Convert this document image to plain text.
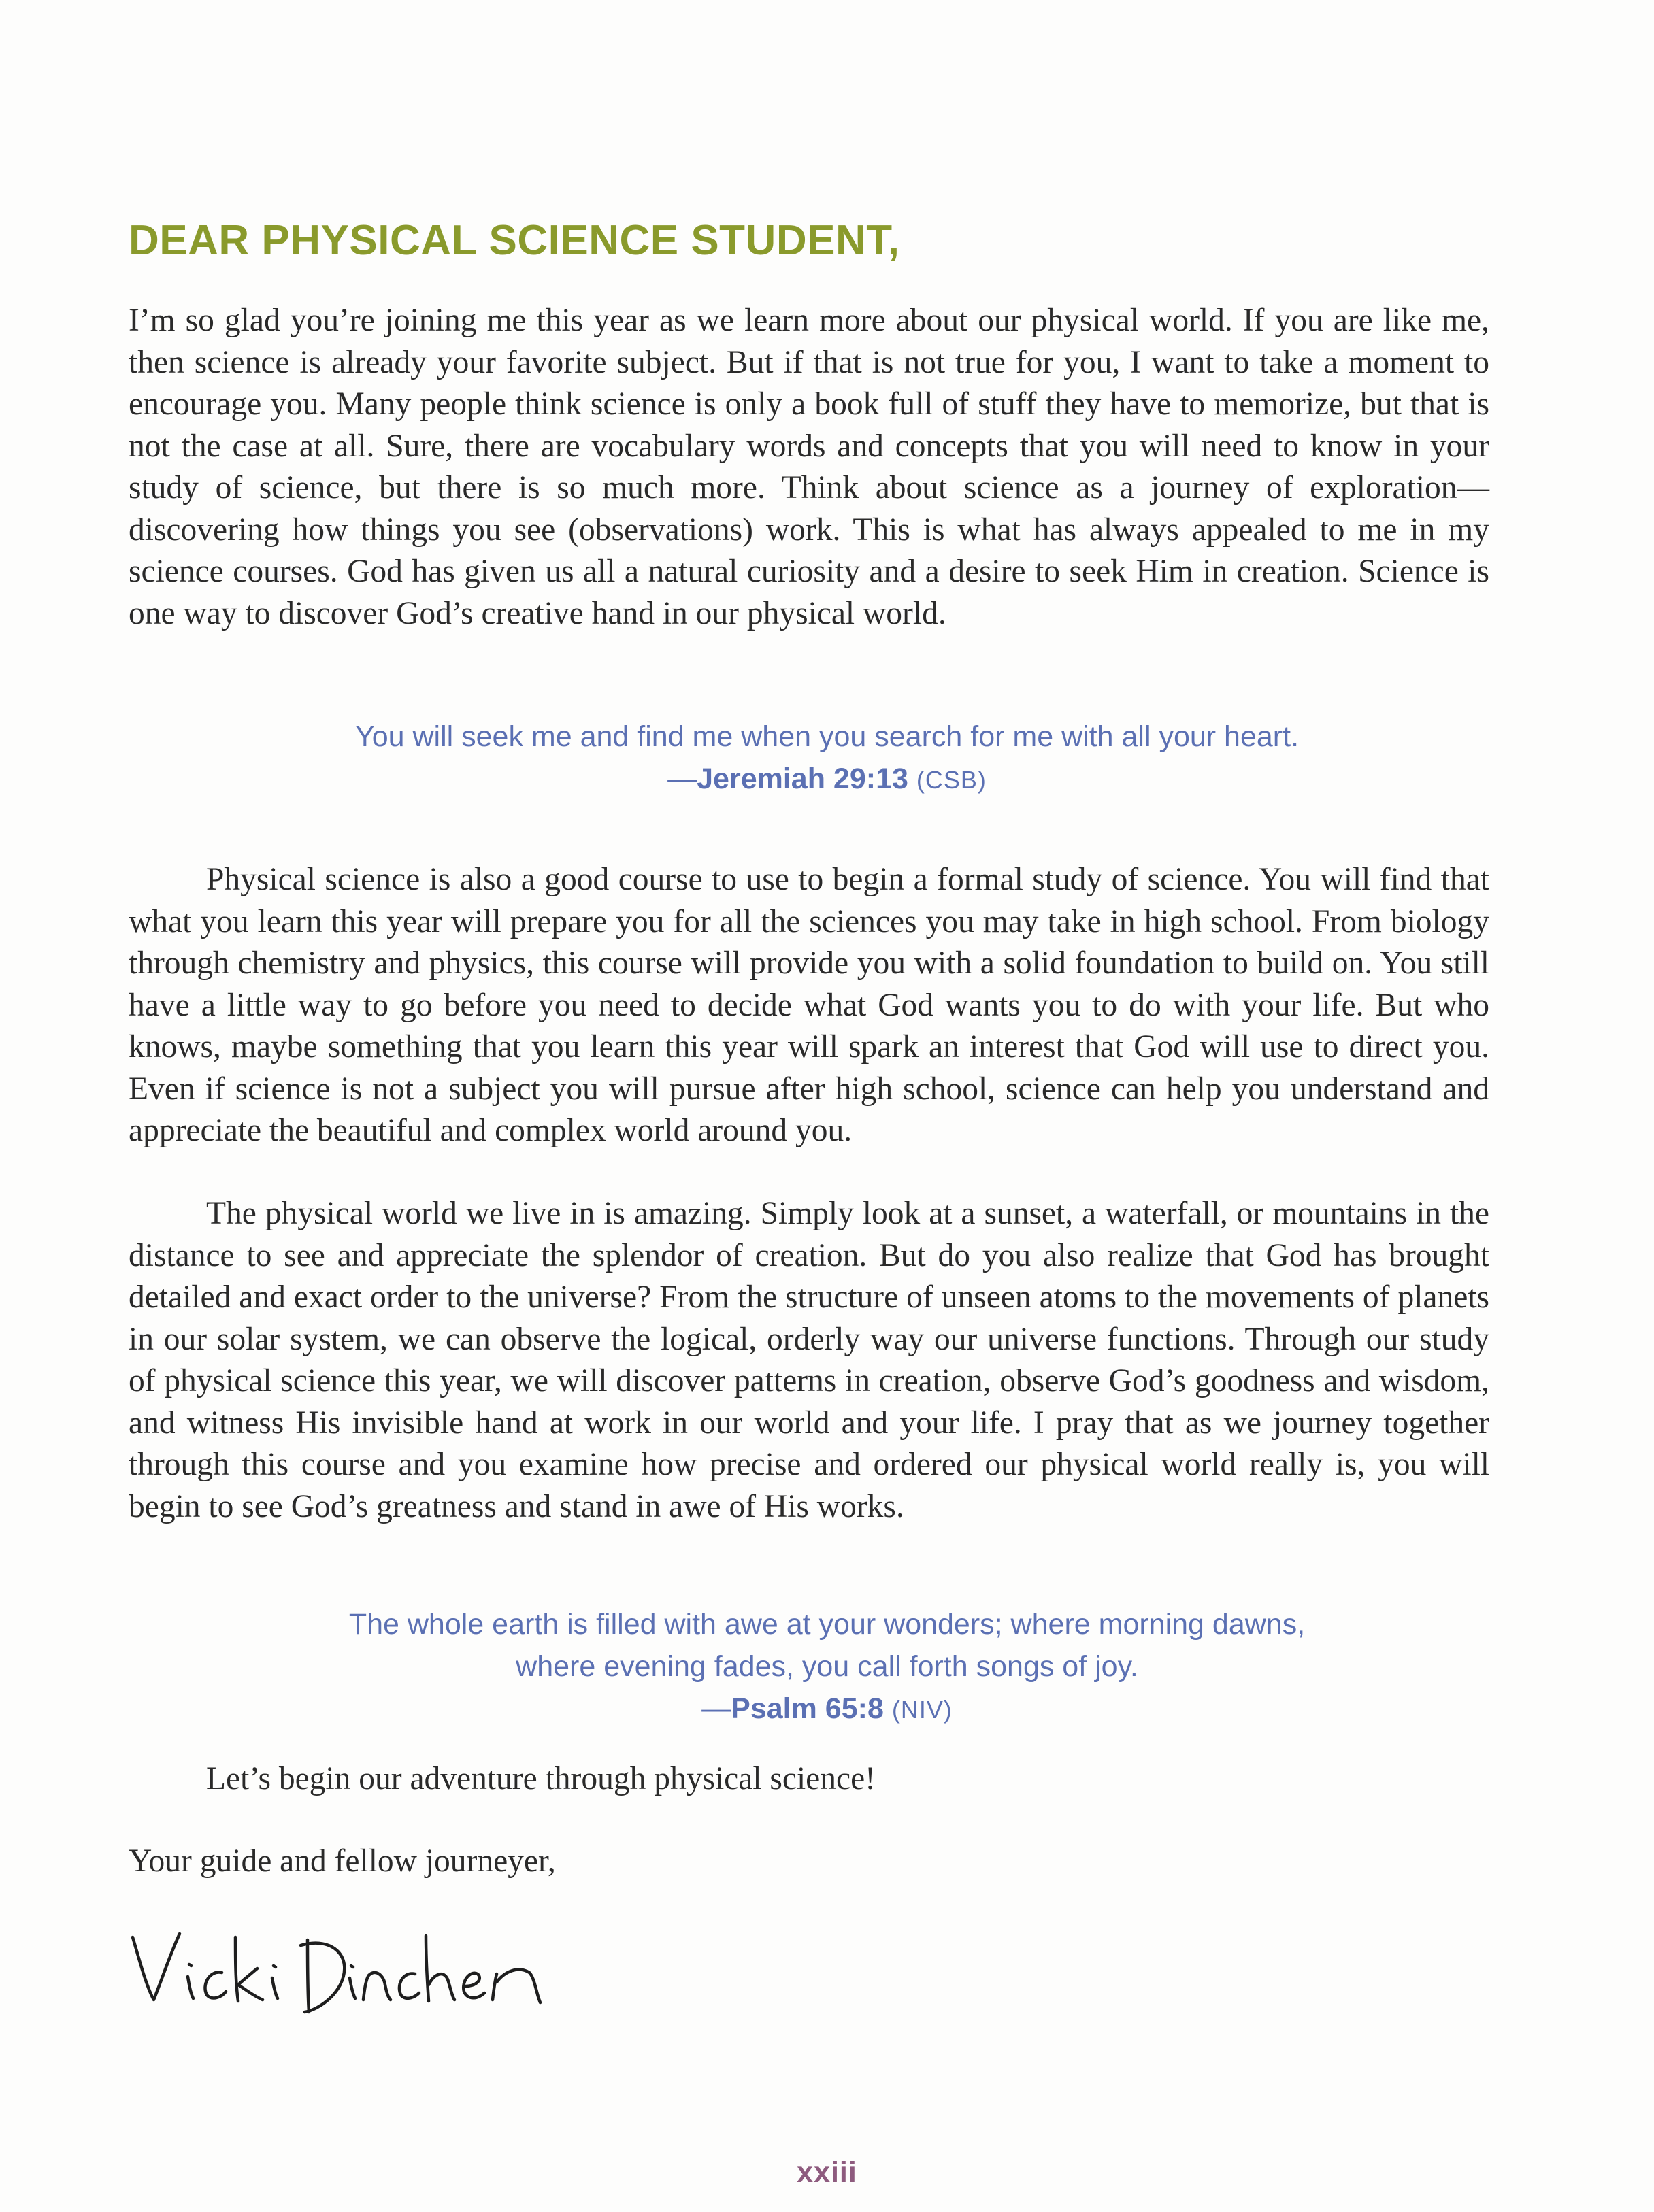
DEAR PHYSICAL SCIENCE STUDENT,

I’m so glad you’re joining me this year as we learn more about our physical world. If you are like me, then science is already your favorite subject. But if that is not true for you, I want to take a moment to encourage you. Many people think science is only a book full of stuff they have to memorize, but that is not the case at all. Sure, there are vocabulary words and concepts that you will need to know in your study of science, but there is so much more. Think about science as a journey of exploration—discovering how things you see (observations) work. This is what has always appealed to me in my science courses. God has given us all a natural curiosity and a desire to seek Him in creation. Science is one way to discover God’s creative hand in our physical world.

You will seek me and find me when you search for me with all your heart.
—Jeremiah 29:13 (CSB)

Physical science is also a good course to use to begin a formal study of science. You will find that what you learn this year will prepare you for all the sciences you may take in high school. From biology through chemistry and physics, this course will provide you with a solid foundation to build on. You still have a little way to go before you need to decide what God wants you to do with your life. But who knows, maybe something that you learn this year will spark an interest that God will use to direct you. Even if science is not a subject you will pursue after high school, science can help you understand and appreciate the beautiful and complex world around you.

The physical world we live in is amazing. Simply look at a sunset, a waterfall, or mountains in the distance to see and appreciate the splendor of creation. But do you also realize that God has brought detailed and exact order to the universe? From the structure of unseen atoms to the movements of planets in our solar system, we can observe the logical, orderly way our universe functions. Through our study of physical science this year, we will discover patterns in creation, observe God’s goodness and wisdom, and witness His invisible hand at work in our world and your life. I pray that as we journey together through this course and you examine how precise and ordered our physical world really is, you will begin to see God’s greatness and stand in awe of His works.

The whole earth is filled with awe at your wonders; where morning dawns,
where evening fades, you call forth songs of joy.
—Psalm 65:8 (NIV)

Let’s begin our adventure through physical science!

Your guide and fellow journeyer,

xxiii
